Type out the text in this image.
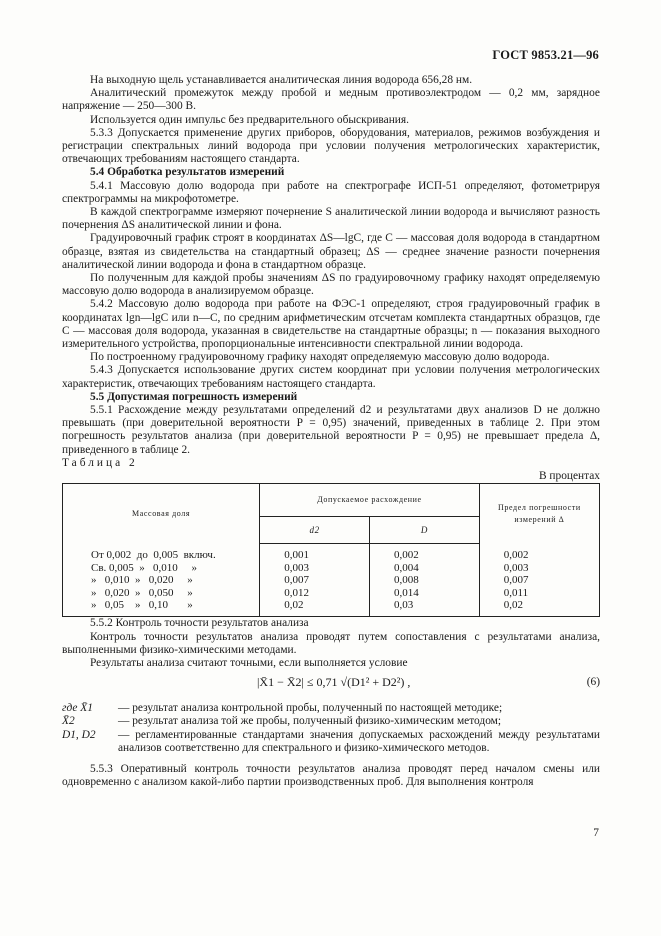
ГОСТ 9853.21—96

На выходную щель устанавливается аналитическая линия водорода 656,28 нм.

Аналитический промежуток между пробой и медным противоэлектродом — 0,2 мм, зарядное напряжение — 250—300 В.

Используется один импульс без предварительного обыскривания.

5.3.3 Допускается применение других приборов, оборудования, материалов, режимов возбуждения и регистрации спектральных линий водорода при условии получения метрологических характеристик, отвечающих требованиям настоящего стандарта.

5.4 Обработка результатов измерений

5.4.1 Массовую долю водорода при работе на спектрографе ИСП-51 определяют, фотометрируя спектрограммы на микрофотометре.

В каждой спектрограмме измеряют почернение S аналитической линии водорода и вычисляют разность почернения ΔS аналитической линии и фона.

Градуировочный график строят в координатах ΔS—lgC, где C — массовая доля водорода в стандартном образце, взятая из свидетельства на стандартный образец; ΔS — среднее значение разности почернения аналитической линии водорода и фона в стандартном образце.

По полученным для каждой пробы значениям ΔS по градуировочному графику находят определяемую массовую долю водорода в анализируемом образце.

5.4.2 Массовую долю водорода при работе на ФЭС-1 определяют, строя градуировочный график в координатах lgn—lgC или n—C, по средним арифметическим отсчетам комплекта стандартных образцов, где C — массовая доля водорода, указанная в свидетельстве на стандартные образцы; n — показания выходного измерительного устройства, пропорциональные интенсивности спектральной линии водорода.

По построенному градуировочному графику находят определяемую массовую долю водорода.

5.4.3 Допускается использование других систем координат при условии получения метрологических характеристик, отвечающих требованиям настоящего стандарта.

5.5 Допустимая погрешность измерений

5.5.1 Расхождение между результатами определений d2 и результатами двух анализов D не должно превышать (при доверительной вероятности P = 0,95) значений, приведенных в таблице 2. При этом погрешность результатов анализа (при доверительной вероятности P = 0,95) не превышает предела Δ, приведенного в таблице 2.

Таблица 2

В процентах

Массовая доля	Допускаемое расхождение		Предел погрешности измерений Δ
	d2	D	
От 0,002  до  0,005  включ.	0,001	0,002	0,002
Св. 0,005  »   0,010     »	0,003	0,004	0,003
»   0,010  »   0,020     »	0,007	0,008	0,007
»   0,020  »   0,050     »	0,012	0,014	0,011
»   0,05    »   0,10       »	0,02	0,03	0,02

5.5.2 Контроль точности результатов анализа

Контроль точности результатов анализа проводят путем сопоставления с результатами анализа, выполненными физико-химическими методами.

Результаты анализа считают точными, если выполняется условие

|X̄1 − X̄2| ≤ 0,71 √(D1² + D2²) ,	(6)
где X̄1	— результат анализа контрольной пробы, полученный по настоящей методике;
X̄2	— результат анализа той же пробы, полученный физико-химическим методом;
D1, D2	— регламентированные стандартами значения допускаемых расхождений между результатами анализов соответственно для спектрального и физико-химического методов.

5.5.3 Оперативный контроль точности результатов анализа проводят перед началом смены или одновременно с анализом какой-либо партии производственных проб. Для выполнения контроля

7
